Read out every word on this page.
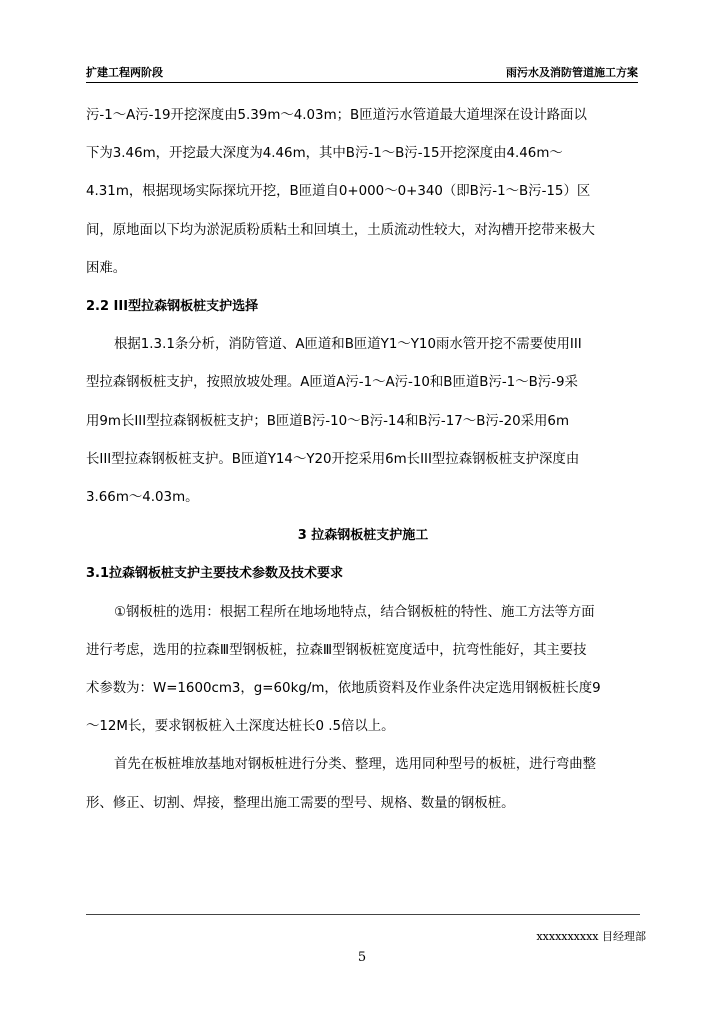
扩建工程两阶段	雨污水及消防管道施工方案

污-1～A污-19开挖深度由5.39m～4.03m；B匝道污水管道最大道埋深在设计路面以

下为3.46m，开挖最大深度为4.46m，其中B污-1～B污-15开挖深度由4.46m～

4.31m，根据现场实际探坑开挖，B匝道自0+000～0+340（即B污-1～B污-15）区

间，原地面以下均为淤泥质粉质粘土和回填土，土质流动性较大，对沟槽开挖带来极大

困难。

2.2 III型拉森钢板桩支护选择

根据1.3.1条分析，消防管道、A匝道和B匝道Y1～Y10雨水管开挖不需要使用III

型拉森钢板桩支护，按照放坡处理。A匝道A污-1～A污-10和B匝道B污-1～B污-9采

用9m长III型拉森钢板桩支护；B匝道B污-10～B污-14和B污-17～B污-20采用6m

长III型拉森钢板桩支护。B匝道Y14～Y20开挖采用6m长III型拉森钢板桩支护深度由

3.66m～4.03m。

3 拉森钢板桩支护施工
3.1拉森钢板桩支护主要技术参数及技术要求

①钢板桩的选用：根据工程所在地场地特点，结合钢板桩的特性、施工方法等方面

进行考虑，选用的拉森Ⅲ型钢板桩，拉森Ⅲ型钢板桩宽度适中，抗弯性能好，其主要技

术参数为：W=1600cm3，g=60kg/m，依地质资料及作业条件决定选用钢板桩长度9

～12M长，要求钢板桩入土深度达桩长0 .5倍以上。

首先在板桩堆放基地对钢板桩进行分类、整理，选用同种型号的板桩，进行弯曲整

形、修正、切割、焊接，整理出施工需要的型号、规格、数量的钢板桩。

xxxxxxxxxx 目经理部
5
